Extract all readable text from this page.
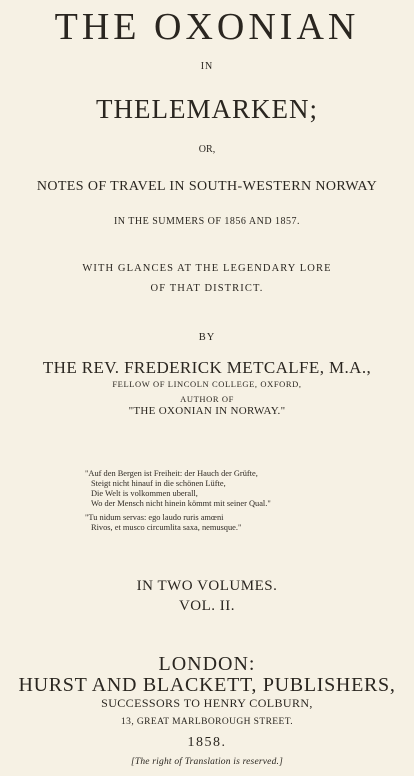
THE OXONIAN
IN
THELEMARKEN;
OR,
NOTES OF TRAVEL IN SOUTH-WESTERN NORWAY
IN THE SUMMERS OF 1856 AND 1857.
WITH GLANCES AT THE LEGENDARY LORE
OF THAT DISTRICT.
BY
THE REV. FREDERICK METCALFE, M.A.,
FELLOW OF LINCOLN COLLEGE, OXFORD,
AUTHOR OF
"THE OXONIAN IN NORWAY."
"Auf den Bergen ist Freiheit: der Hauch der Grüfte,
Steigt nicht hinauf in die schönen Lüfte,
Die Welt is volkommen uberall,
Wo der Mensch nicht hinein kömmt mit seiner Qual."
"Tu nidum servas: ego laudo ruris amœni
Rivos, et musco circumlita saxa, nemusque."
IN TWO VOLUMES.
VOL. II.
LONDON:
HURST AND BLACKETT, PUBLISHERS,
SUCCESSORS TO HENRY COLBURN,
13, GREAT MARLBOROUGH STREET.
1858.
[The right of Translation is reserved.]
